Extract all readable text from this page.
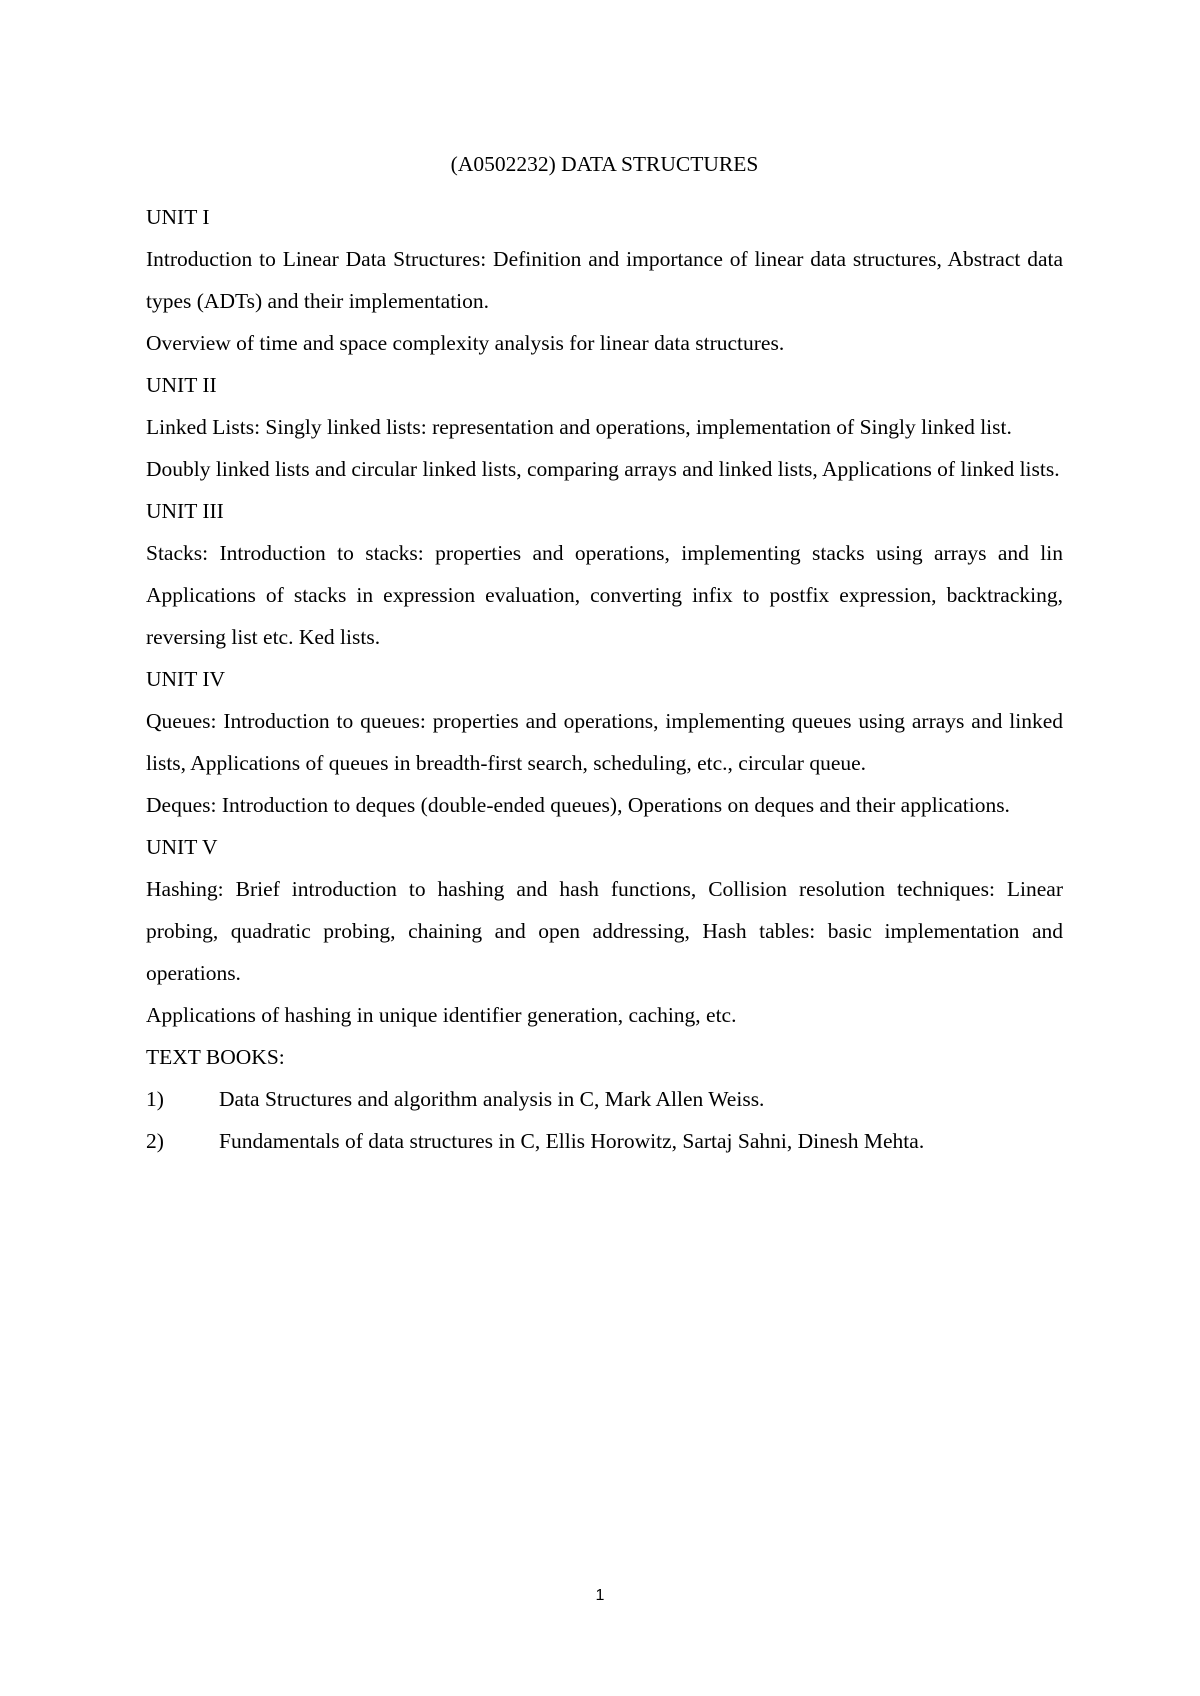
(A0502232) DATA STRUCTURES
UNIT I

Introduction to Linear Data Structures: Definition and importance of linear data structures, Abstract data types (ADTs) and their implementation.

Overview of time and space complexity analysis for linear data structures.

UNIT II

Linked Lists: Singly linked lists: representation and operations, implementation of Singly linked list.

Doubly linked lists and circular linked lists, comparing arrays and linked lists, Applications of linked lists.

UNIT III

Stacks: Introduction to stacks: properties and operations, implementing stacks using arrays and lin Applications of stacks in expression evaluation, converting infix to postfix expression, backtracking, reversing list etc. Ked lists.

UNIT IV

Queues: Introduction to queues: properties and operations, implementing queues using arrays and linked lists, Applications of queues in breadth-first search, scheduling, etc., circular queue.

Deques: Introduction to deques (double-ended queues), Operations on deques and their applications.

UNIT V

Hashing: Brief introduction to hashing and hash functions, Collision resolution techniques: Linear probing, quadratic probing, chaining and open addressing, Hash tables: basic implementation and operations.

Applications of hashing in unique identifier generation, caching, etc.

TEXT BOOKS:
1)	Data Structures and algorithm analysis in C, Mark Allen Weiss.
2)	Fundamentals of data structures in C, Ellis Horowitz, Sartaj Sahni, Dinesh Mehta.
1
